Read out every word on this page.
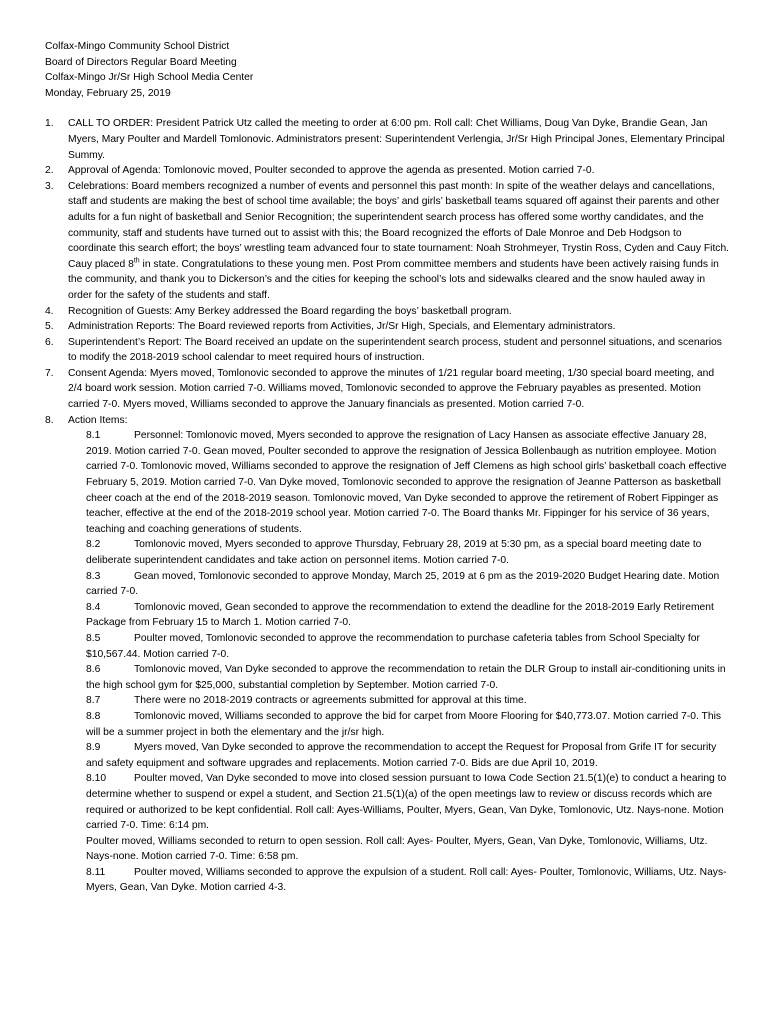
Colfax-Mingo Community School District
Board of Directors Regular Board Meeting
Colfax-Mingo Jr/Sr High School Media Center
Monday, February 25, 2019
1.	CALL TO ORDER: President Patrick Utz called the meeting to order at 6:00 pm. Roll call: Chet Williams, Doug Van Dyke, Brandie Gean, Jan Myers, Mary Poulter and Mardell Tomlonovic. Administrators present: Superintendent Verlengia, Jr/Sr High Principal Jones, Elementary Principal Summy.
2.	Approval of Agenda: Tomlonovic moved, Poulter seconded to approve the agenda as presented. Motion carried 7-0.
3.	Celebrations: Board members recognized a number of events and personnel this past month: In spite of the weather delays and cancellations, staff and students are making the best of school time available; the boys’ and girls’ basketball teams squared off against their parents and other adults for a fun night of basketball and Senior Recognition; the superintendent search process has offered some worthy candidates, and the community, staff and students have turned out to assist with this; the Board recognized the efforts of Dale Monroe and Deb Hodgson to coordinate this search effort; the boys’ wrestling team advanced four to state tournament: Noah Strohmeyer, Trystin Ross, Cyden and Cauy Fitch. Cauy placed 8th in state. Congratulations to these young men. Post Prom committee members and students have been actively raising funds in the community, and thank you to Dickerson’s and the cities for keeping the school’s lots and sidewalks cleared and the snow hauled away in order for the safety of the students and staff.
4.	Recognition of Guests: Amy Berkey addressed the Board regarding the boys’ basketball program.
5.	Administration Reports: The Board reviewed reports from Activities, Jr/Sr High, Specials, and Elementary administrators.
6.	Superintendent’s Report: The Board received an update on the superintendent search process, student and personnel situations, and scenarios to modify the 2018-2019 school calendar to meet required hours of instruction.
7.	Consent Agenda: Myers moved, Tomlonovic seconded to approve the minutes of 1/21 regular board meeting, 1/30 special board meeting, and 2/4 board work session. Motion carried 7-0. Williams moved, Tomlonovic seconded to approve the February payables as presented. Motion carried 7-0. Myers moved, Williams seconded to approve the January financials as presented. Motion carried 7-0.
8.	Action Items:
8.1	Personnel: Tomlonovic moved, Myers seconded to approve the resignation of Lacy Hansen as associate effective January 28, 2019. Motion carried 7-0. Gean moved, Poulter seconded to approve the resignation of Jessica Bollenbaugh as nutrition employee. Motion carried 7-0. Tomlonovic moved, Williams seconded to approve the resignation of Jeff Clemens as high school girls’ basketball coach effective February 5, 2019. Motion carried 7-0. Van Dyke moved, Tomlonovic seconded to approve the resignation of Jeanne Patterson as basketball cheer coach at the end of the 2018-2019 season. Tomlonovic moved, Van Dyke seconded to approve the retirement of Robert Fippinger as teacher, effective at the end of the 2018-2019 school year. Motion carried 7-0. The Board thanks Mr. Fippinger for his service of 36 years, teaching and coaching generations of students.
8.2	Tomlonovic moved, Myers seconded to approve Thursday, February 28, 2019 at 5:30 pm, as a special board meeting date to deliberate superintendent candidates and take action on personnel items. Motion carried 7-0.
8.3	Gean moved, Tomlonovic seconded to approve Monday, March 25, 2019 at 6 pm as the 2019-2020 Budget Hearing date. Motion carried 7-0.
8.4	Tomlonovic moved, Gean seconded to approve the recommendation to extend the deadline for the 2018-2019 Early Retirement Package from February 15 to March 1. Motion carried 7-0.
8.5	Poulter moved, Tomlonovic seconded to approve the recommendation to purchase cafeteria tables from School Specialty for $10,567.44. Motion carried 7-0.
8.6	Tomlonovic moved, Van Dyke seconded to approve the recommendation to retain the DLR Group to install air-conditioning units in the high school gym for $25,000, substantial completion by September. Motion carried 7-0.
8.7	There were no 2018-2019 contracts or agreements submitted for approval at this time.
8.8	Tomlonovic moved, Williams seconded to approve the bid for carpet from Moore Flooring for $40,773.07. Motion carried 7-0. This will be a summer project in both the elementary and the jr/sr high.
8.9	Myers moved, Van Dyke seconded to approve the recommendation to accept the Request for Proposal from Grife IT for security and safety equipment and software upgrades and replacements. Motion carried 7-0. Bids are due April 10, 2019.
8.10	Poulter moved, Van Dyke seconded to move into closed session pursuant to Iowa Code Section 21.5(1)(e) to conduct a hearing to determine whether to suspend or expel a student, and Section 21.5(1)(a) of the open meetings law to review or discuss records which are required or authorized to be kept confidential. Roll call: Ayes-Williams, Poulter, Myers, Gean, Van Dyke, Tomlonovic, Utz. Nays-none. Motion carried 7-0. Time: 6:14 pm.
Poulter moved, Williams seconded to return to open session. Roll call: Ayes- Poulter, Myers, Gean, Van Dyke, Tomlonovic, Williams, Utz. Nays-none. Motion carried 7-0. Time: 6:58 pm.
8.11	Poulter moved, Williams seconded to approve the expulsion of a student. Roll call: Ayes- Poulter, Tomlonovic, Williams, Utz. Nays- Myers, Gean, Van Dyke. Motion carried 4-3.
